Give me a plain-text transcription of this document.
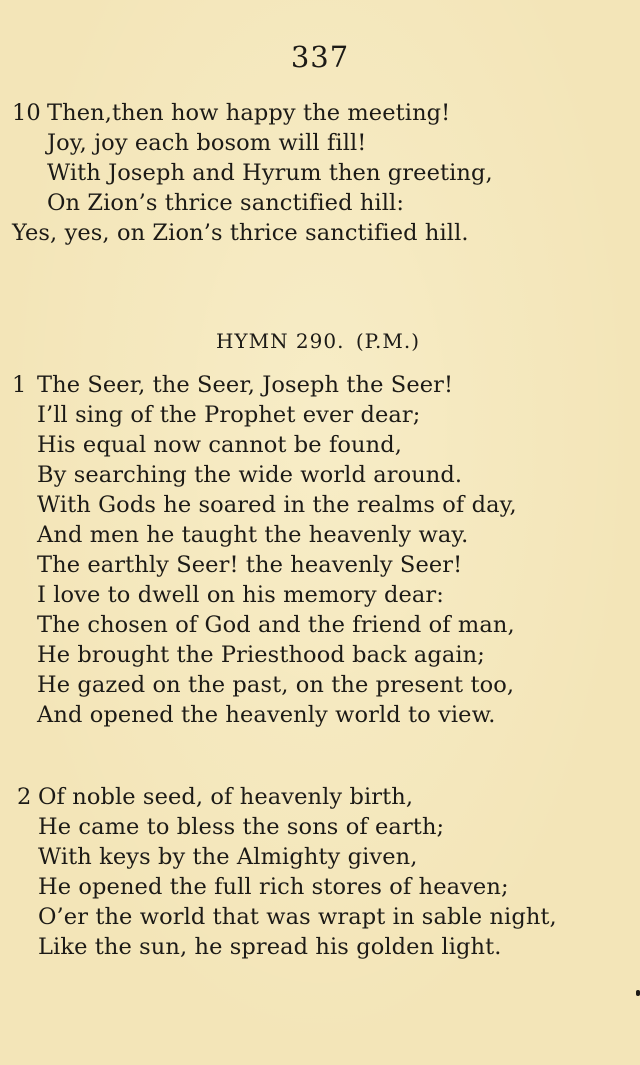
337
10 Then,then how happy the meeting!
Joy, joy each bosom will fill!
With Joseph and Hyrum then greeting,
On Zion’s thrice sanctified hill:
Yes, yes, on Zion’s thrice sanctified hill.
HYMN 290. (P.M.)
1 The Seer, the Seer, Joseph the Seer!
I’ll sing of the Prophet ever dear;
His equal now cannot be found,
By searching the wide world around.
With Gods he soared in the realms of day,
And men he taught the heavenly way.
The earthly Seer! the heavenly Seer!
I love to dwell on his memory dear:
The chosen of God and the friend of man,
He brought the Priesthood back again;
He gazed on the past, on the present too,
And opened the heavenly world to view.
2 Of noble seed, of heavenly birth,
He came to bless the sons of earth;
With keys by the Almighty given,
He opened the full rich stores of heaven;
O’er the world that was wrapt in sable night,
Like the sun, he spread his golden light.
